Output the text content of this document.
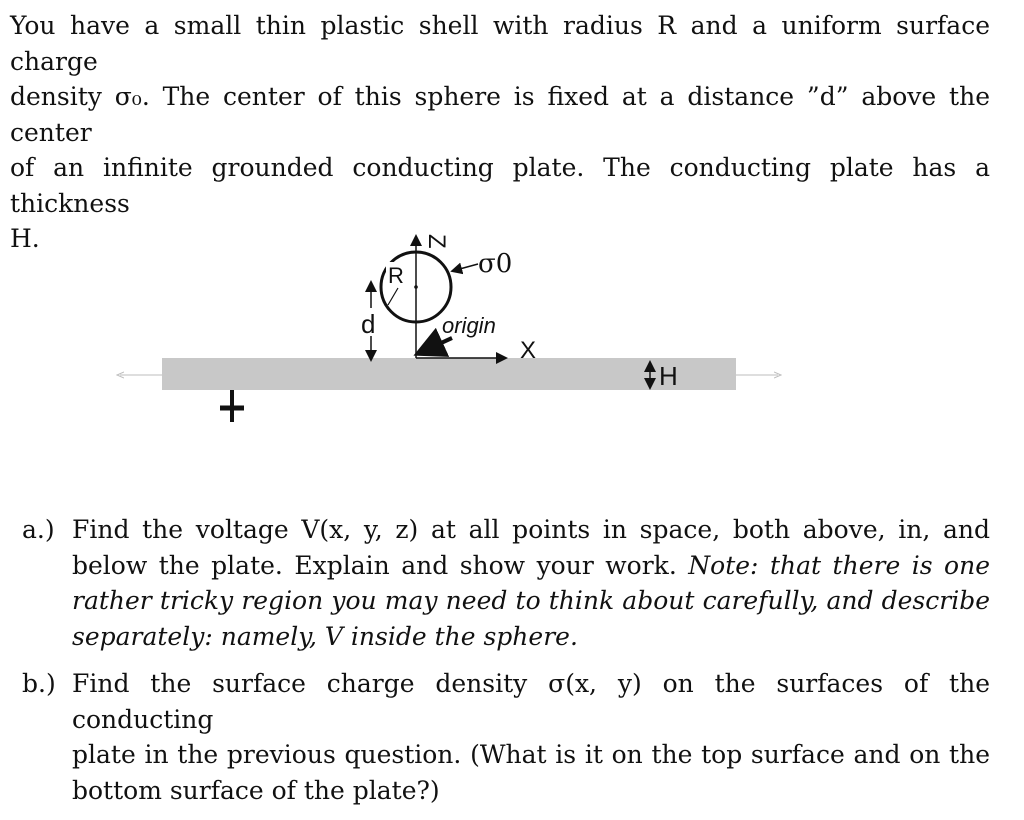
You have a small thin plastic shell with radius R and a uniform surface charge
density σ₀. The center of this sphere is fixed at a distance ”d” above the center
of an infinite grounded conducting plate. The conducting plate has a thickness
H.	Z
X
R	σ0
d	origin
H
a.) Find the voltage V(x, y, z) at all points in space, both above, in, and
below the plate. Explain and show your work. Note: that there is one
rather tricky region you may need to think about carefully, and describe
separately: namely, V inside the sphere.
b.) Find the surface charge density σ(x, y) on the surfaces of the conducting
plate in the previous question. (What is it on the top surface and on the
bottom surface of the plate?)
